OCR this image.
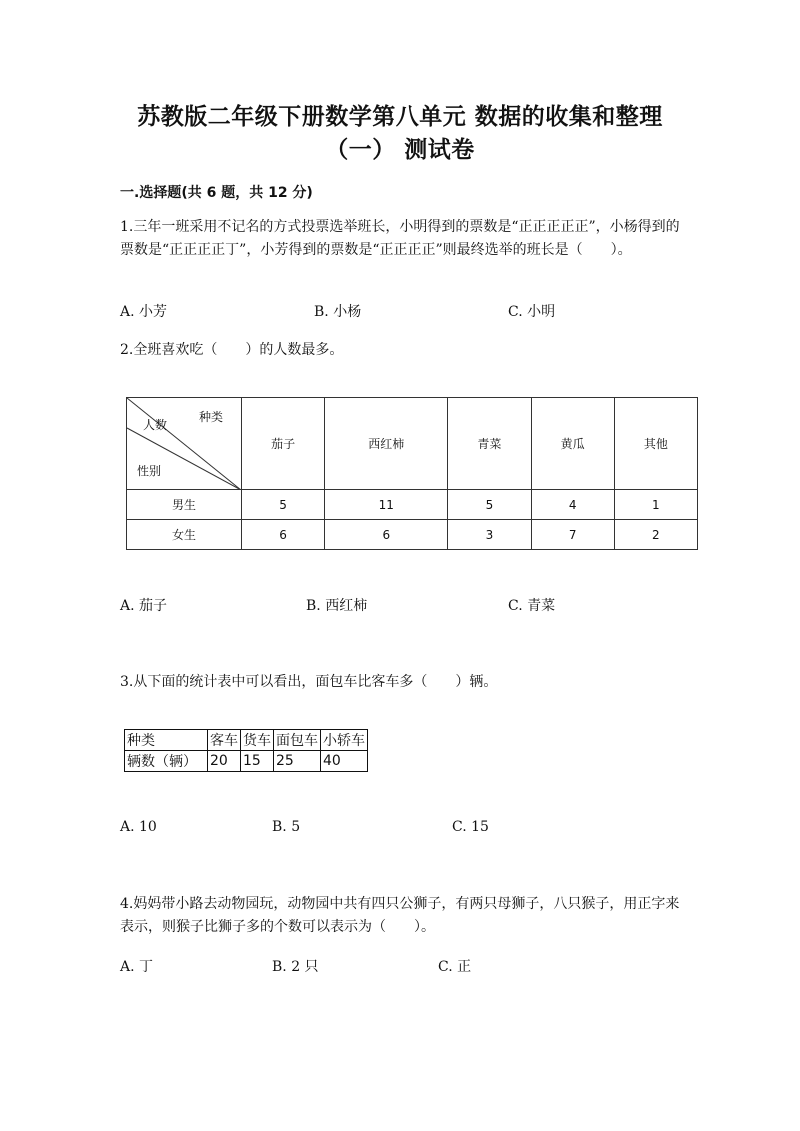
苏教版二年级下册数学第八单元 数据的收集和整理
（一） 测试卷
一.选择题(共 6 题，共 12 分)
1.三年一班采用不记名的方式投票选举班长，小明得到的票数是“正正正正正”，小杨得到的票数是“正正正正丁”，小芳得到的票数是“正正正正”则最终选举的班长是（　　）。
A. 小芳	B. 小杨	C. 小明
2.全班喜欢吃（　　）的人数最多。
种类
人数
性别	茄子	西红柿	青菜	黄瓜	其他
男生	5	11	5	4	1
女生	6	6	3	7	2
A. 茄子	B. 西红柿	C. 青菜
3.从下面的统计表中可以看出，面包车比客车多（　　）辆。
种类	客车	货车	面包车	小轿车
辆数（辆）	20	15	25	40
A. 10	B. 5	C. 15
4.妈妈带小路去动物园玩，动物园中共有四只公狮子，有两只母狮子，八只猴子，用正字来表示，则猴子比狮子多的个数可以表示为（　　）。
A. 丁	B. 2 只	C. 正
